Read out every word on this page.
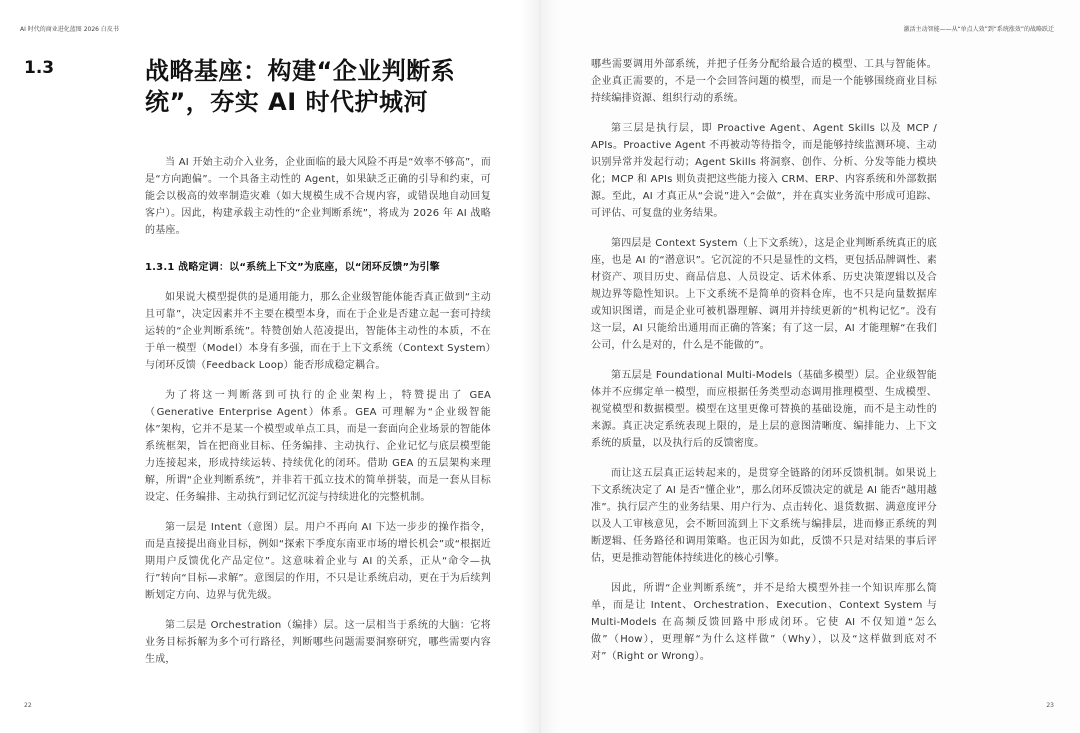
AI 时代的商业进化蓝图 2026 白皮书
1.3	战略基座：构建“企业判断系统”，夯实 AI 时代护城河

当 AI 开始主动介入业务，企业面临的最大风险不再是“效率不够高”，而是“方向跑偏”。一个具备主动性的 Agent，如果缺乏正确的引导和约束，可能会以极高的效率制造灾难（如大规模生成不合规内容，或错误地自动回复客户）。因此，构建承载主动性的“企业判断系统”，将成为 2026 年 AI 战略的基座。

1.3.1 战略定调：以“系统上下文”为底座，以“闭环反馈”为引擎

如果说大模型提供的是通用能力，那么企业级智能体能否真正做到“主动且可靠”，决定因素并不主要在模型本身，而在于企业是否建立起一套可持续运转的“企业判断系统”。特赞创始人范凌提出，智能体主动性的本质，不在于单一模型（Model）本身有多强，而在于上下文系统（Context System）与闭环反馈（Feedback Loop）能否形成稳定耦合。

为了将这一判断落到可执行的企业架构上，特赞提出了 GEA（Generative Enterprise Agent）体系。GEA 可理解为“企业级智能体”架构，它并不是某一个模型或单点工具，而是一套面向企业场景的智能体系统框架，旨在把商业目标、任务编排、主动执行、企业记忆与底层模型能力连接起来，形成持续运转、持续优化的闭环。借助 GEA 的五层架构来理解，所谓“企业判断系统”，并非若干孤立技术的简单拼装，而是一套从目标设定、任务编排、主动执行到记忆沉淀与持续进化的完整机制。

第一层是 Intent（意图）层。用户不再向 AI 下达一步步的操作指令，而是直接提出商业目标，例如“探索下季度东南亚市场的增长机会”或“根据近期用户反馈优化产品定位”。这意味着企业与 AI 的关系，正从“命令—执行”转向“目标—求解”。意图层的作用，不只是让系统启动，更在于为后续判断划定方向、边界与优先级。

第二层是 Orchestration（编排）层。这一层相当于系统的大脑：它将业务目标拆解为多个可行路径，判断哪些问题需要洞察研究，哪些需要内容生成，

22
激活主动智能——从“单点人效”到“系统涨效”的战略跃迁
23

哪些需要调用外部系统，并把子任务分配给最合适的模型、工具与智能体。企业真正需要的，不是一个会回答问题的模型，而是一个能够围绕商业目标持续编排资源、组织行动的系统。

第三层是执行层，即 Proactive Agent、Agent Skills 以及 MCP / APIs。Proactive Agent 不再被动等待指令，而是能够持续监测环境、主动识别异常并发起行动；Agent Skills 将洞察、创作、分析、分发等能力模块化；MCP 和 APIs 则负责把这些能力接入 CRM、ERP、内容系统和外部数据源。至此，AI 才真正从“会说”进入“会做”，并在真实业务流中形成可追踪、可评估、可复盘的业务结果。

第四层是 Context System（上下文系统），这是企业判断系统真正的底座，也是 AI 的“潜意识”。它沉淀的不只是显性的文档，更包括品牌调性、素材资产、项目历史、商品信息、人员设定、话术体系、历史决策逻辑以及合规边界等隐性知识。上下文系统不是简单的资料仓库，也不只是向量数据库或知识图谱，而是企业可被机器理解、调用并持续更新的“机构记忆”。没有这一层，AI 只能给出通用而正确的答案；有了这一层，AI 才能理解“在我们公司，什么是对的，什么是不能做的”。

第五层是 Foundational Multi-Models（基础多模型）层。企业级智能体并不应绑定单一模型，而应根据任务类型动态调用推理模型、生成模型、视觉模型和数据模型。模型在这里更像可替换的基础设施，而不是主动性的来源。真正决定系统表现上限的，是上层的意图清晰度、编排能力、上下文系统的质量，以及执行后的反馈密度。

而让这五层真正运转起来的，是贯穿全链路的闭环反馈机制。如果说上下文系统决定了 AI 是否“懂企业”，那么闭环反馈决定的就是 AI 能否“越用越准”。执行层产生的业务结果、用户行为、点击转化、退货数据、满意度评分以及人工审核意见，会不断回流到上下文系统与编排层，进而修正系统的判断逻辑、任务路径和调用策略。也正因为如此，反馈不只是对结果的事后评估，更是推动智能体持续进化的核心引擎。

因此，所谓“企业判断系统”，并不是给大模型外挂一个知识库那么简单，而是让 Intent、Orchestration、Execution、Context System 与 Multi-Models 在高频反馈回路中形成闭环。它使 AI 不仅知道“怎么做”（How），更理解“为什么这样做”（Why），以及“这样做到底对不对”（Right or Wrong）。
